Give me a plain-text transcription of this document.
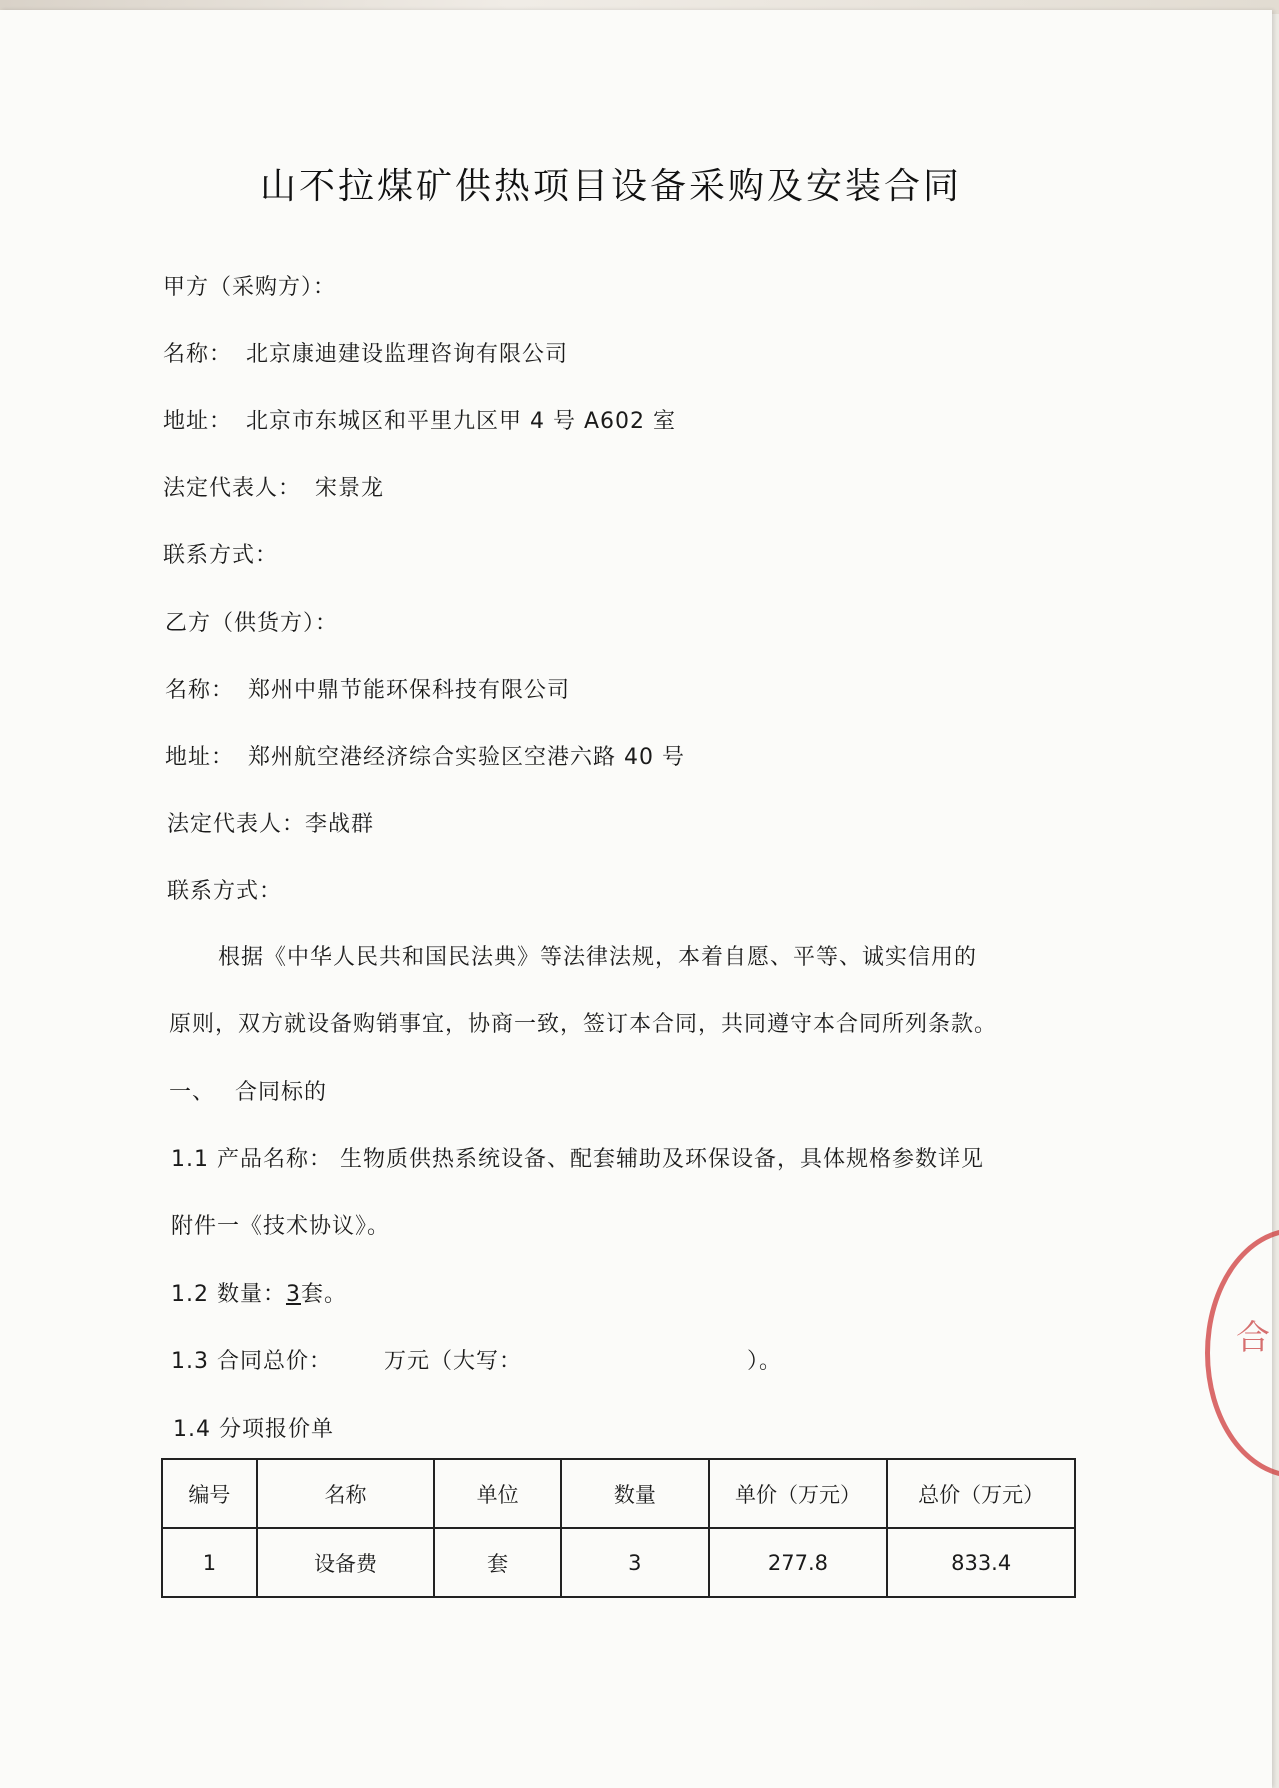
山不拉煤矿供热项目设备采购及安装合同
甲方（采购方）：
名称： 北京康迪建设监理咨询有限公司
地址： 北京市东城区和平里九区甲 4 号 A602 室
法定代表人： 宋景龙
联系方式：
乙方（供货方）：
名称： 郑州中鼎节能环保科技有限公司
地址： 郑州航空港经济综合实验区空港六路 40 号
法定代表人：李战群
联系方式：
根据《中华人民共和国民法典》等法律法规，本着自愿、平等、诚实信用的
原则，双方就设备购销事宜，协商一致，签订本合同，共同遵守本合同所列条款。
一、 合同标的
1.1 产品名称： 生物质供热系统设备、配套辅助及环保设备，具体规格参数详见
附件一《技术协议》。
1.2 数量：3套。
1.3 合同总价： 万元（大写：	）。
1.4 分项报价单
编号	名称	单位	数量	单价（万元）	总价（万元）
1	设备费	套	3	277.8	833.4
合
